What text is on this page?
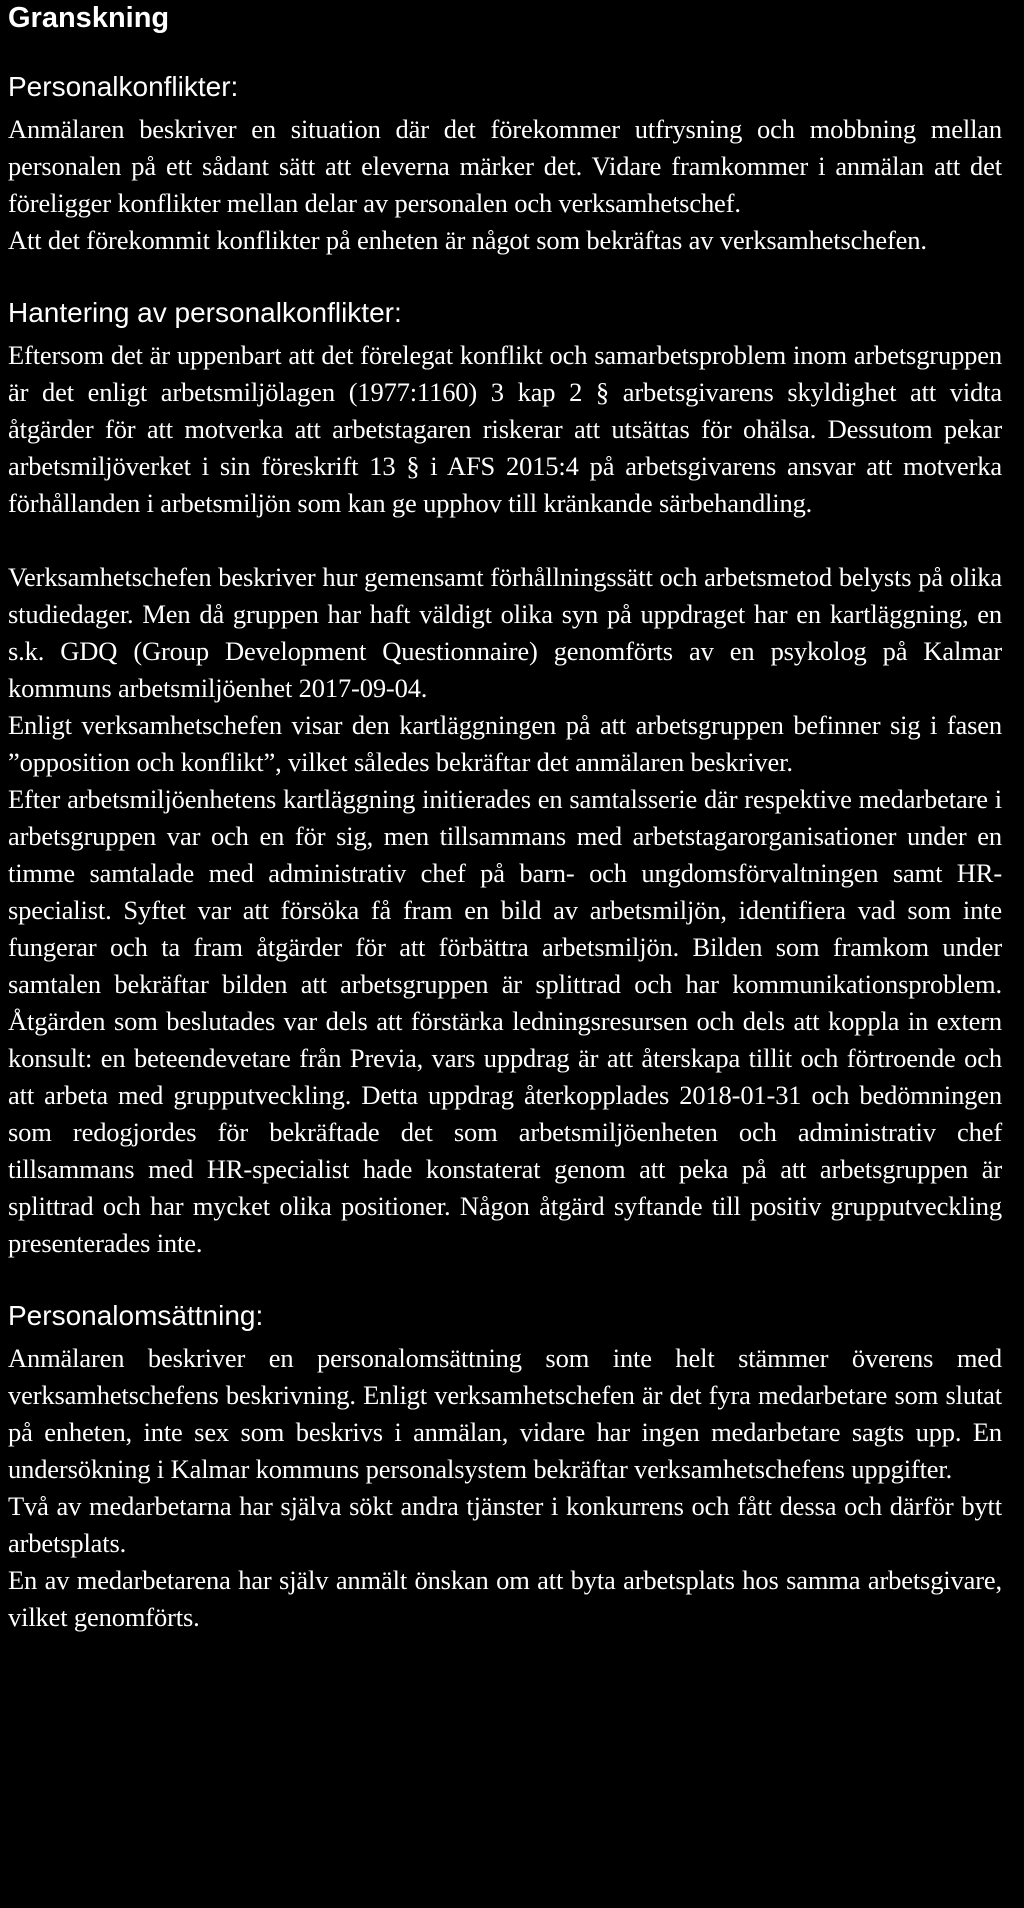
Granskning
Personalkonflikter:

Anmälaren beskriver en situation där det förekommer utfrysning och mobbning mellan personalen på ett sådant sätt att eleverna märker det. Vidare framkommer i anmälan att det föreligger konflikter mellan delar av personalen och verksamhetschef.

Att det förekommit konflikter på enheten är något som bekräftas av verksamhetschefen.

Hantering av personalkonflikter:

Eftersom det är uppenbart att det förelegat konflikt och samarbetsproblem inom arbetsgruppen är det enligt arbetsmiljölagen (1977:1160) 3 kap 2 § arbetsgivarens skyldighet att vidta åtgärder för att motverka att arbetstagaren riskerar att utsättas för ohälsa. Dessutom pekar arbetsmiljöverket i sin föreskrift 13 § i AFS 2015:4 på arbetsgivarens ansvar att motverka förhållanden i arbetsmiljön som kan ge upphov till kränkande särbehandling.

Verksamhetschefen beskriver hur gemensamt förhållningssätt och arbetsmetod belysts på olika studiedager. Men då gruppen har haft väldigt olika syn på uppdraget har en kartläggning, en s.k. GDQ (Group Development Questionnaire) genomförts av en psykolog på Kalmar kommuns arbetsmiljöenhet 2017-09-04.

Enligt verksamhetschefen visar den kartläggningen på att arbetsgruppen befinner sig i fasen ”opposition och konflikt”, vilket således bekräftar det anmälaren beskriver.

Efter arbetsmiljöenhetens kartläggning initierades en samtalsserie där respektive medarbetare i arbetsgruppen var och en för sig, men tillsammans med arbetstagarorganisationer under en timme samtalade med administrativ chef på barn- och ungdomsförvaltningen samt HR-specialist. Syftet var att försöka få fram en bild av arbetsmiljön, identifiera vad som inte fungerar och ta fram åtgärder för att förbättra arbetsmiljön. Bilden som framkom under samtalen bekräftar bilden att arbetsgruppen är splittrad och har kommunikationsproblem. Åtgärden som beslutades var dels att förstärka ledningsresursen och dels att koppla in extern konsult: en beteendevetare från Previa, vars uppdrag är att återskapa tillit och förtroende och att arbeta med grupputveckling. Detta uppdrag återkopplades 2018-01-31 och bedömningen som redogjordes för bekräftade det som arbetsmiljöenheten och administrativ chef tillsammans med HR-specialist hade konstaterat genom att peka på att arbetsgruppen är splittrad och har mycket olika positioner. Någon åtgärd syftande till positiv grupputveckling presenterades inte.

Personalomsättning:

Anmälaren beskriver en personalomsättning som inte helt stämmer överens med verksamhetschefens beskrivning. Enligt verksamhetschefen är det fyra medarbetare som slutat på enheten, inte sex som beskrivs i anmälan, vidare har ingen medarbetare sagts upp. En undersökning i Kalmar kommuns personalsystem bekräftar verksamhetschefens uppgifter.

Två av medarbetarna har själva sökt andra tjänster i konkurrens och fått dessa och därför bytt arbetsplats.

En av medarbetarena har själv anmält önskan om att byta arbetsplats hos samma arbetsgivare, vilket genomförts.
